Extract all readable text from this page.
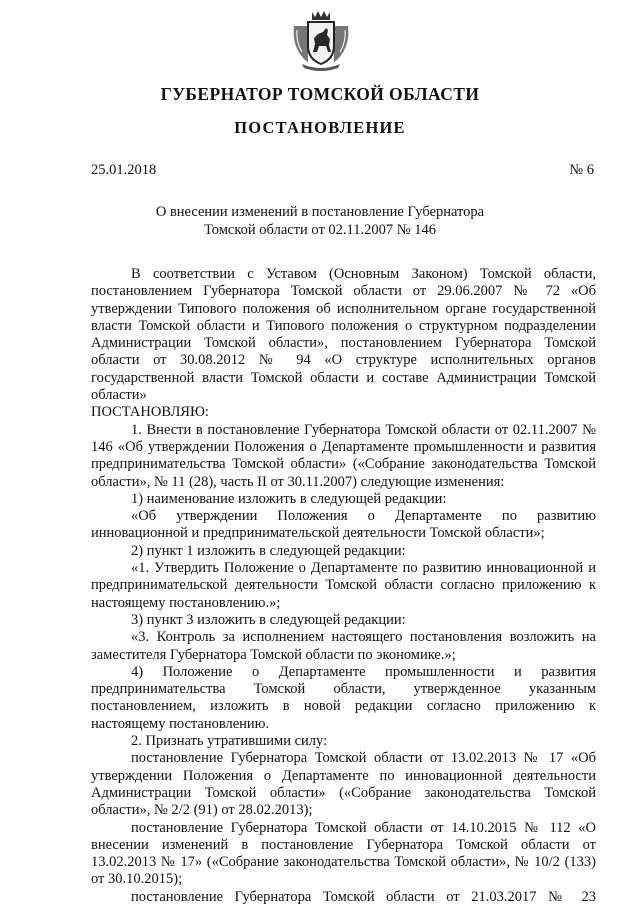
ГУБЕРНАТОР ТОМСКОЙ ОБЛАСТИ
ПОСТАНОВЛЕНИЕ
25.01.2018	№ 6
О внесении изменений в постановление Губернатора
Томской области от 02.11.2007 № 146

В соответствии с Уставом (Основным Законом) Томской области, постановлением Губернатора Томской области от 29.06.2007 № 72 «Об утверждении Типового положения об исполнительном органе государственной власти Томской области и Типового положения о структурном подразделении Администрации Томской области», постановлением Губернатора Томской области от 30.08.2012 № 94 «О структуре исполнительных органов государственной власти Томской области и составе Администрации Томской области»

ПОСТАНОВЛЯЮ:

1. Внести в постановление Губернатора Томской области от 02.11.2007 № 146 «Об утверждении Положения о Департаменте промышленности и развития предпринимательства Томской области» («Собрание законодательства Томской области», № 11 (28), часть II от 30.11.2007) следующие изменения:

1) наименование изложить в следующей редакции:

«Об утверждении Положения о Департаменте по развитию инновационной и предпринимательской деятельности Томской области»;

2) пункт 1 изложить в следующей редакции:

«1. Утвердить Положение о Департаменте по развитию инновационной и предпринимательской деятельности Томской области согласно приложению к настоящему постановлению.»;

3) пункт 3 изложить в следующей редакции:

«3. Контроль за исполнением настоящего постановления возложить на заместителя Губернатора Томской области по экономике.»;

4) Положение о Департаменте промышленности и развития предпринимательства Томской области, утвержденное указанным постановлением, изложить в новой редакции согласно приложению к настоящему постановлению.

2. Признать утратившими силу:

постановление Губернатора Томской области от 13.02.2013 № 17 «Об утверждении Положения о Департаменте по инновационной деятельности Администрации Томской области» («Собрание законодательства Томской области», № 2/2 (91) от 28.02.2013);

постановление Губернатора Томской области от 14.10.2015 № 112 «О внесении изменений в постановление Губернатора Томской области от 13.02.2013 № 17» («Собрание законодательства Томской области», № 10/2 (133) от 30.10.2015);

постановление Губернатора Томской области от 21.03.2017 № 23
